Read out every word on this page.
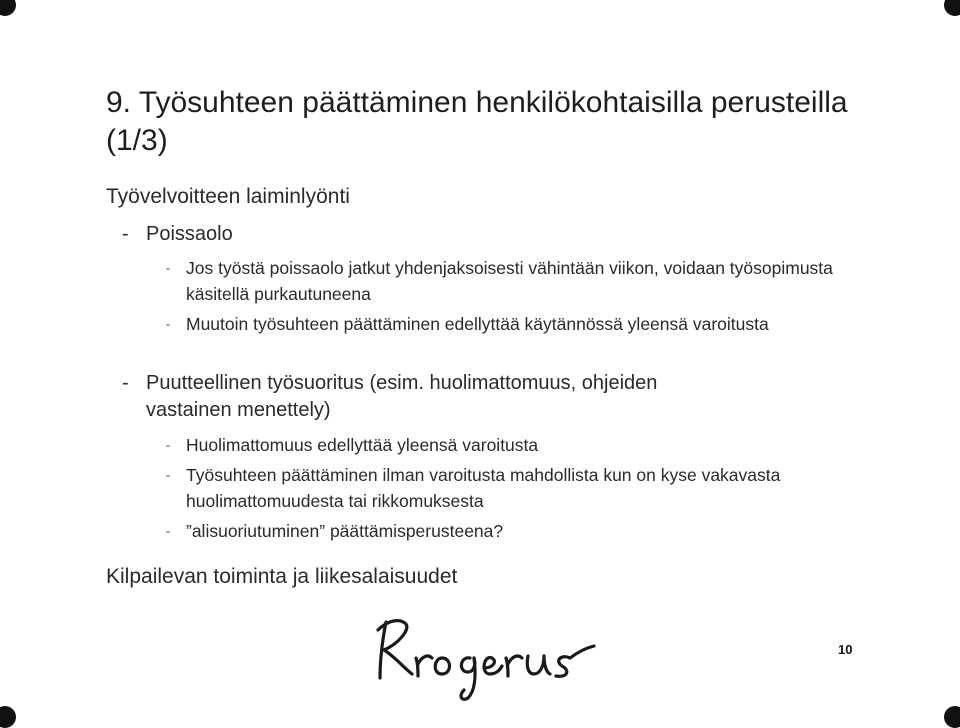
9. Työsuhteen päättäminen henkilökohtaisilla perusteilla (1/3)
Työvelvoitteen laiminlyönti
- Poissaolo
- Jos työstä poissaolo jatkut yhdenjaksoisesti vähintään viikon, voidaan työsopimusta käsitellä purkautuneena
- Muutoin työsuhteen päättäminen edellyttää käytännössä yleensä varoitusta
- Puutteellinen työsuoritus (esim. huolimattomuus, ohjeiden
vastainen menettely)
- Huolimattomuus edellyttää yleensä varoitusta
- Työsuhteen päättäminen ilman varoitusta mahdollista kun on kyse vakavasta huolimattomuudesta tai rikkomuksesta
- ”alisuoriutuminen” päättämisperusteena?
Kilpailevan toiminta ja liikesalaisuudet
10
